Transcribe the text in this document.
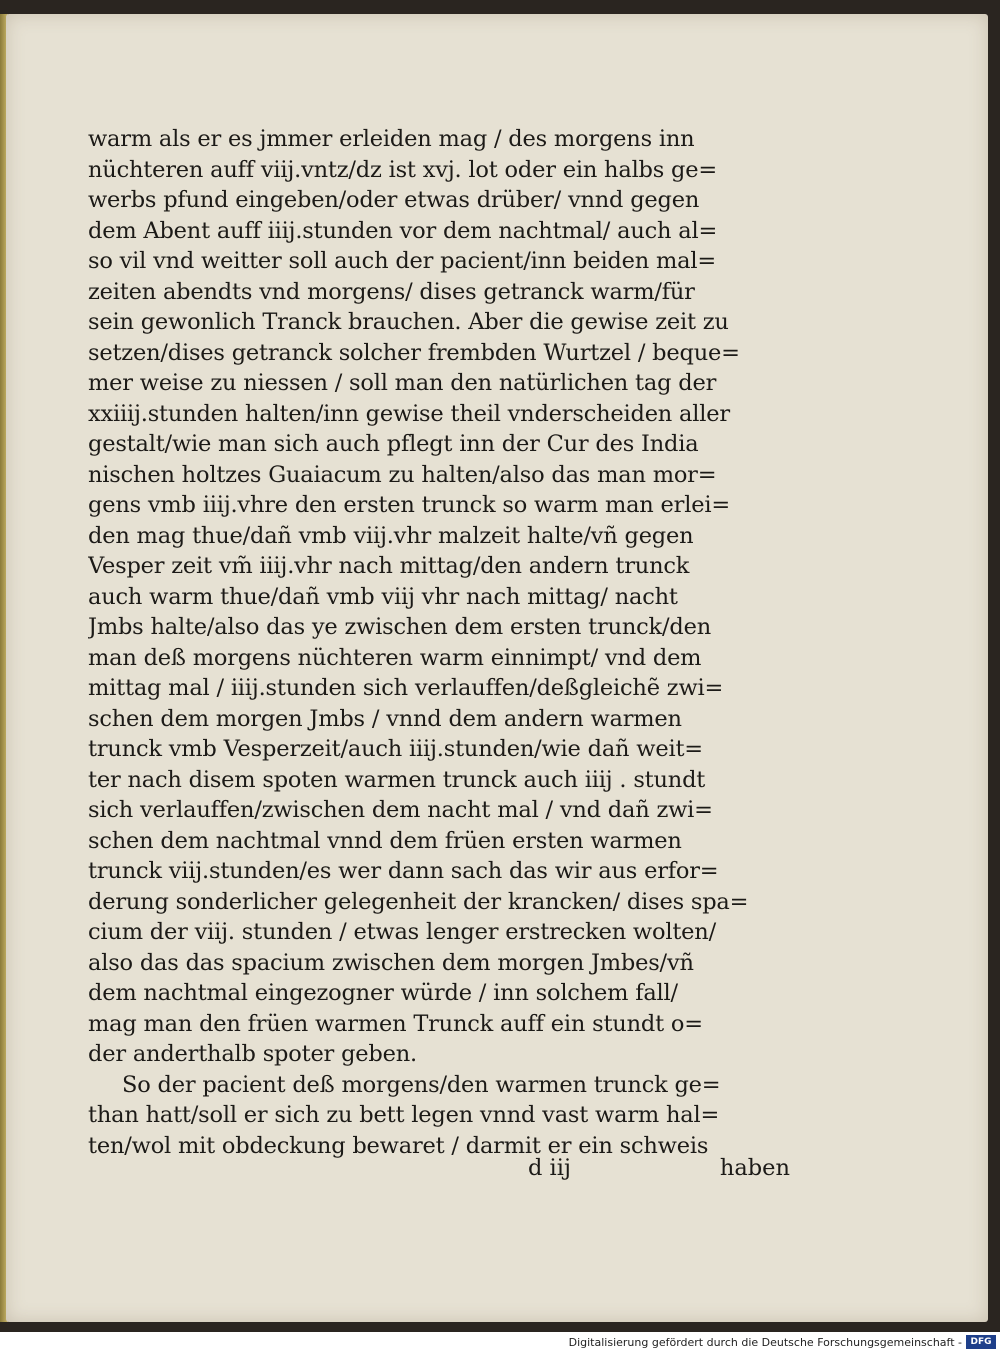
warm als er es jmmer erleiden mag / des morgens inn
nüchteren auff viij.vntz/dz ist xvj. lot oder ein halbs ge=
werbs pfund eingeben/oder etwas drüber/ vnnd gegen
dem Abent auff iiij.stunden vor dem nachtmal/ auch al=
so vil vnd weitter soll auch der pacient/inn beiden mal=
zeiten abendts vnd morgens/ dises getranck warm/für
sein gewonlich Tranck brauchen. Aber die gewise zeit zu
setzen/dises getranck solcher frembden Wurtzel / beque=
mer weise zu niessen / soll man den natürlichen tag der
xxiiij.stunden halten/inn gewise theil vnderscheiden aller
gestalt/wie man sich auch pflegt inn der Cur des India
nischen holtzes Guaiacum zu halten/also das man mor=
gens vmb iiij.vhre den ersten trunck so warm man erlei=
den mag thue/dañ vmb viij.vhr malzeit halte/vñ gegen
Vesper zeit vm̃ iiij.vhr nach mittag/den andern trunck
auch warm thue/dañ vmb viij vhr nach mittag/ nacht
Jmbs halte/also das ye zwischen dem ersten trunck/den
man deß morgens nüchteren warm einnimpt/ vnd dem
mittag mal / iiij.stunden sich verlauffen/deßgleichẽ zwi=
schen dem morgen Jmbs / vnnd dem andern warmen
trunck vmb Vesperzeit/auch iiij.stunden/wie dañ weit=
ter nach disem spoten warmen trunck auch iiij . stundt
sich verlauffen/zwischen dem nacht mal / vnd dañ zwi=
schen dem nachtmal vnnd dem früen ersten warmen
trunck viij.stunden/es wer dann sach das wir aus erfor=
derung sonderlicher gelegenheit der krancken/ dises spa=
cium der viij. stunden / etwas lenger erstrecken wolten/
also das das spacium zwischen dem morgen Jmbes/vñ
dem nachtmal eingezogner würde / inn solchem fall/
mag man den früen warmen Trunck auff ein stundt o=
der anderthalb spoter geben.
So der pacient deß morgens/den warmen trunck ge=
than hatt/soll er sich zu bett legen vnnd vast warm hal=
ten/wol mit obdeckung bewaret / darmit er ein schweis
d iij	haben
Digitalisierung gefördert durch die Deutsche Forschungsgemeinschaft - DFG
